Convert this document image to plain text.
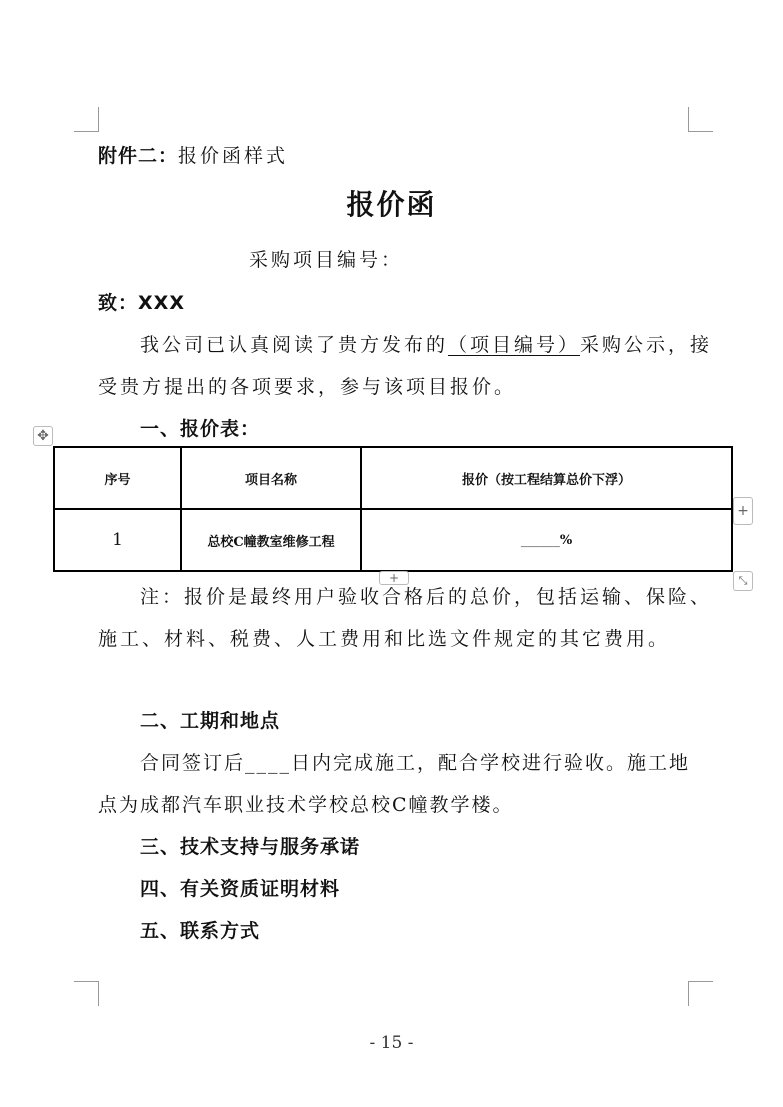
附件二：报价函样式
报价函
采购项目编号：
致：XXX
我公司已认真阅读了贵方发布的（项目编号）采购公示，接
受贵方提出的各项要求，参与该项目报价。
一、报价表：
✥
序号	项目名称	报价（按工程结算总价下浮）
1	总校C幢教室维修工程	______%
+
+	⤡
注：报价是最终用户验收合格后的总价，包括运输、保险、
施工、材料、税费、人工费用和比选文件规定的其它费用。
二、工期和地点
合同签订后____日内完成施工，配合学校进行验收。施工地
点为成都汽车职业技术学校总校C幢教学楼。
三、技术支持与服务承诺
四、有关资质证明材料
五、联系方式
- 15 -
